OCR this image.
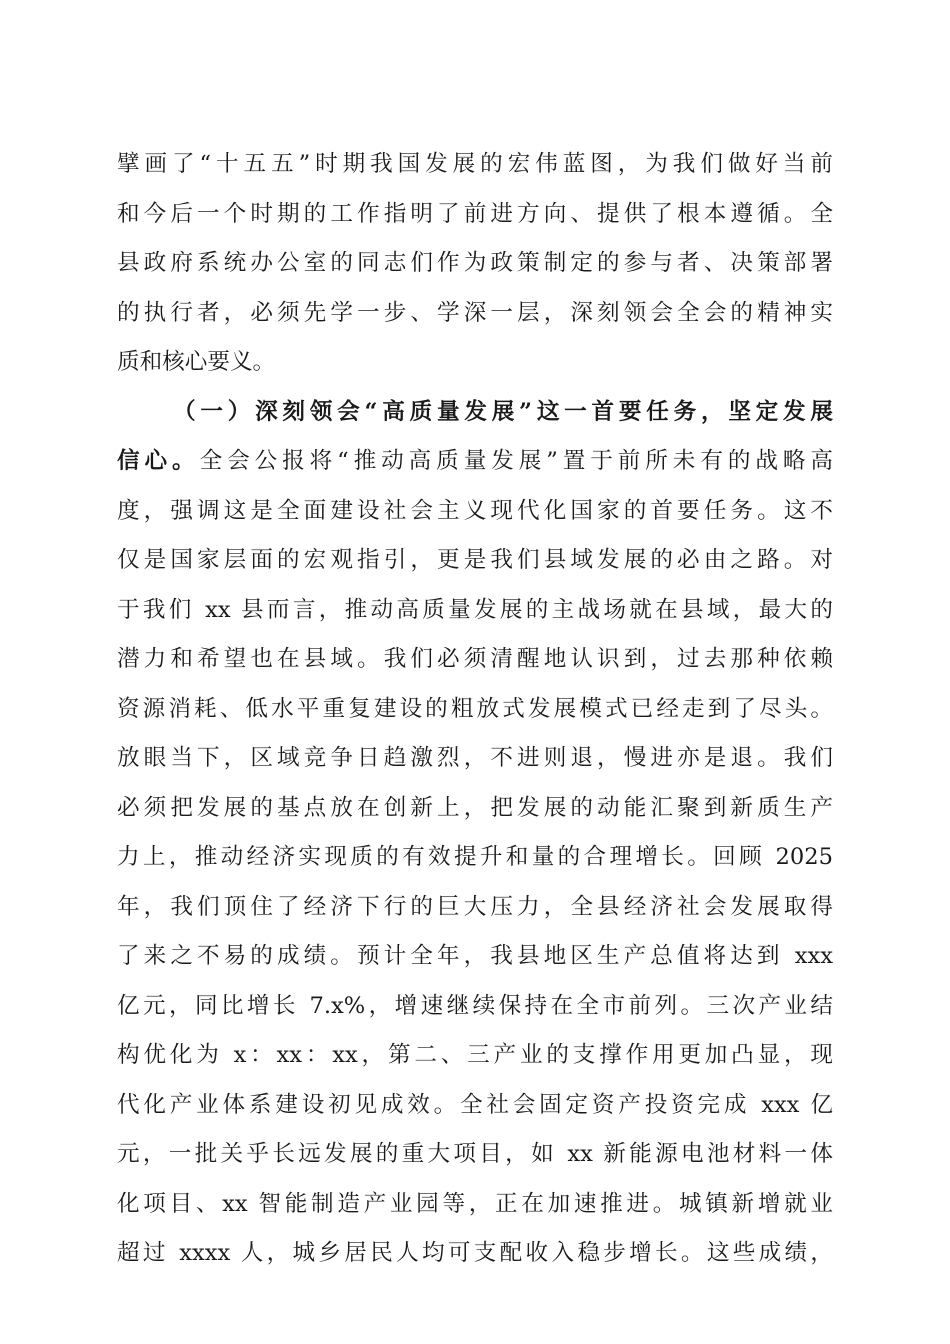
擘画了“十五五”时期我国发展的宏伟蓝图，为我们做好当前
和今后一个时期的工作指明了前进方向、提供了根本遵循。全
县政府系统办公室的同志们作为政策制定的参与者、决策部署
的执行者，必须先学一步、学深一层，深刻领会全会的精神实
质和核心要义。
（一）深刻领会“高质量发展”这一首要任务，坚定发展
信心。全会公报将“推动高质量发展”置于前所未有的战略高
度，强调这是全面建设社会主义现代化国家的首要任务。这不
仅是国家层面的宏观指引，更是我们县域发展的必由之路。对
于我们 xx 县而言，推动高质量发展的主战场就在县域，最大的
潜力和希望也在县域。我们必须清醒地认识到，过去那种依赖
资源消耗、低水平重复建设的粗放式发展模式已经走到了尽头。
放眼当下，区域竞争日趋激烈，不进则退，慢进亦是退。我们
必须把发展的基点放在创新上，把发展的动能汇聚到新质生产
力上，推动经济实现质的有效提升和量的合理增长。回顾 2025
年，我们顶住了经济下行的巨大压力，全县经济社会发展取得
了来之不易的成绩。预计全年，我县地区生产总值将达到 xxx
亿元，同比增长 7.x%，增速继续保持在全市前列。三次产业结
构优化为 x：xx：xx，第二、三产业的支撑作用更加凸显，现
代化产业体系建设初见成效。全社会固定资产投资完成 xxx 亿
元，一批关乎长远发展的重大项目，如 xx 新能源电池材料一体
化项目、xx 智能制造产业园等，正在加速推进。城镇新增就业
超过 xxxx 人，城乡居民人均可支配收入稳步增长。这些成绩，
